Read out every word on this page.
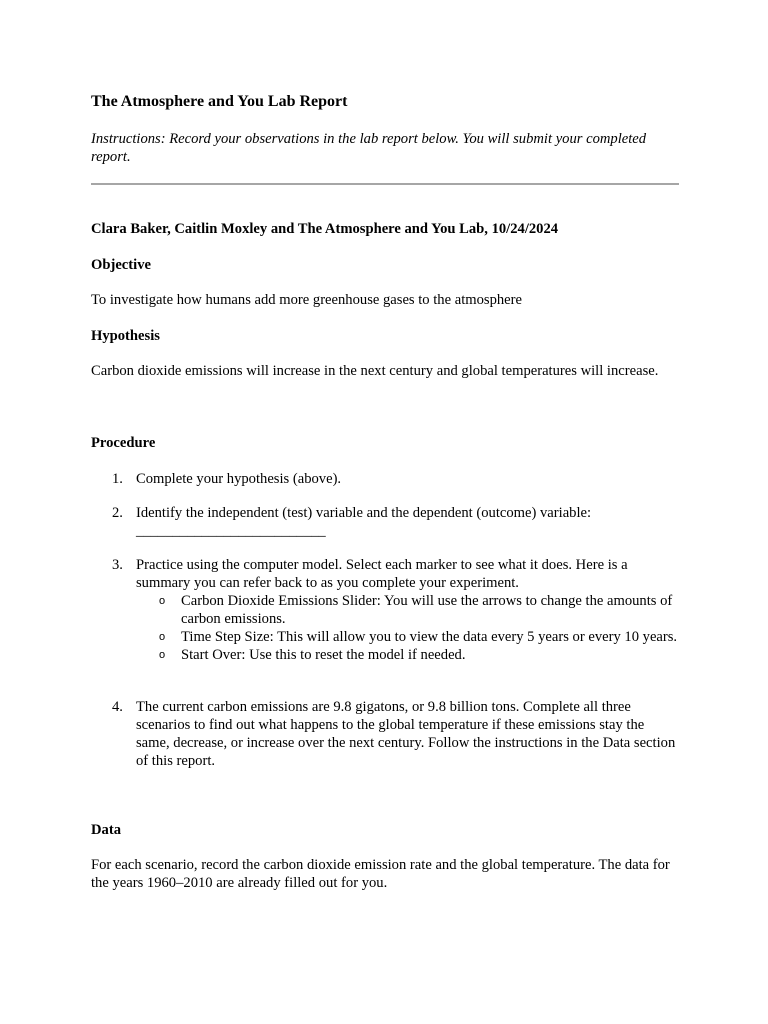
The Atmosphere and You Lab Report

Instructions: Record your observations in the lab report below. You will submit your completed report.

Clara Baker, Caitlin Moxley and The Atmosphere and You Lab, 10/24/2024

Objective

To investigate how humans add more greenhouse gases to the atmosphere

Hypothesis

Carbon dioxide emissions will increase in the next century and global temperatures will increase.

Procedure

1. Complete your hypothesis (above).
2. Identify the independent (test) variable and the dependent (outcome) variable:
__________________________
3. Practice using the computer model. Select each marker to see what it does. Here is a summary you can refer back to as you complete your experiment.
o Carbon Dioxide Emissions Slider: You will use the arrows to change the amounts of carbon emissions.
o Time Step Size: This will allow you to view the data every 5 years or every 10 years.
o Start Over: Use this to reset the model if needed.
4. The current carbon emissions are 9.8 gigatons, or 9.8 billion tons. Complete all three scenarios to find out what happens to the global temperature if these emissions stay the same, decrease, or increase over the next century. Follow the instructions in the Data section of this report.

Data

For each scenario, record the carbon dioxide emission rate and the global temperature. The data for the years 1960–2010 are already filled out for you.
